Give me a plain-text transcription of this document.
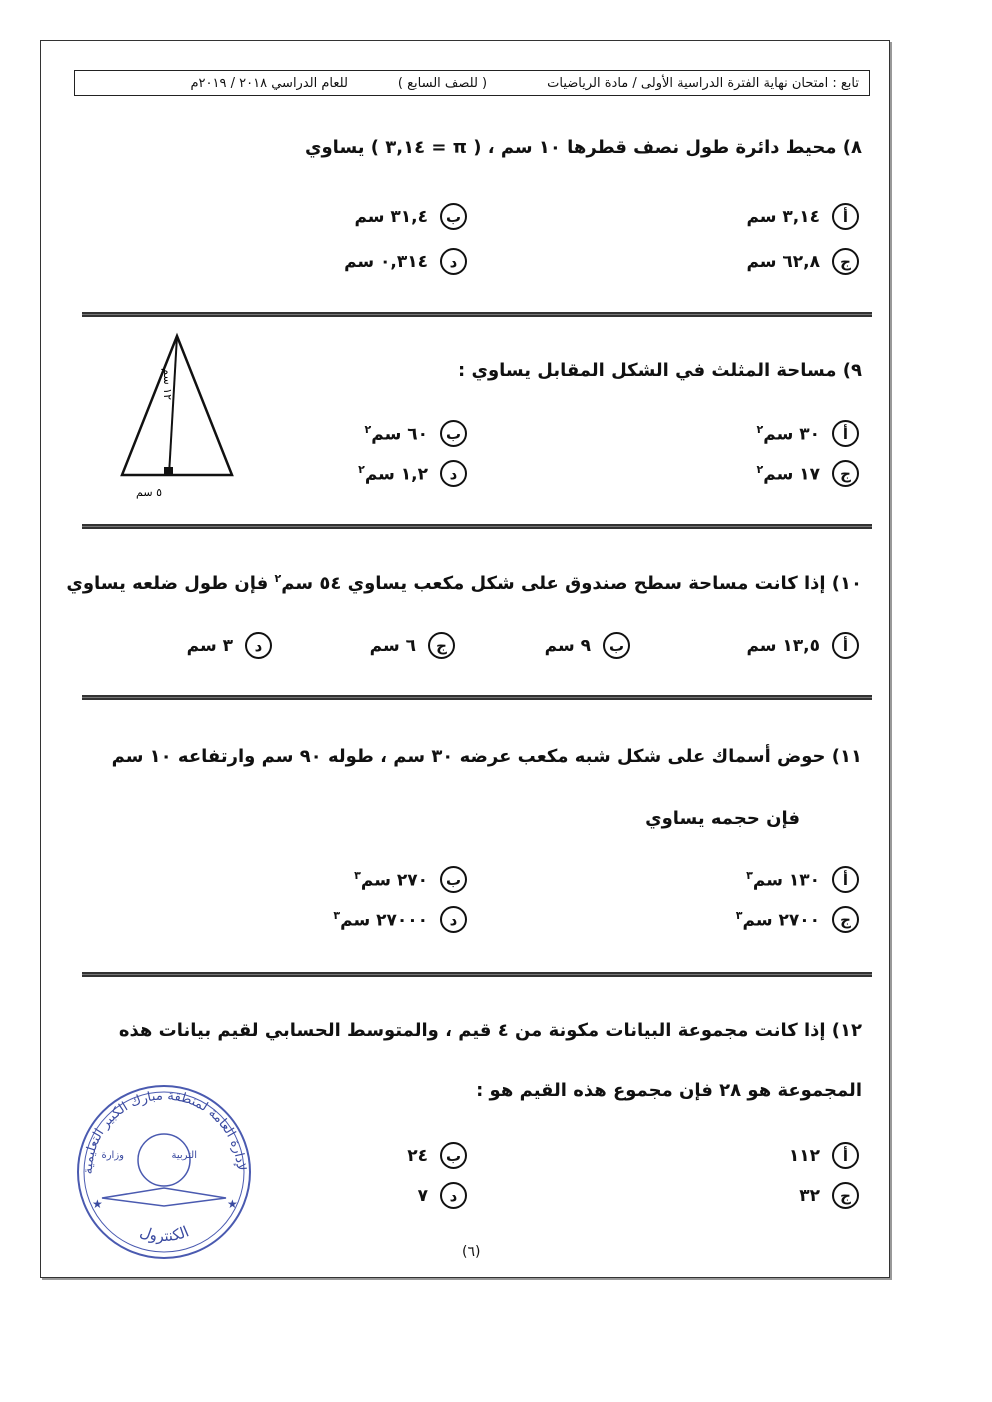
تابع : امتحان نهاية الفترة الدراسية الأولى / مادة الرياضيات
( للصف السابع )
للعام الدراسي ٢٠١٨ / ٢٠١٩م
٨) محيط دائرة طول نصف قطرها ١٠ سم ، ( π = ٣,١٤ ) يساوي
أ
٣,١٤ سم
ب
٣١,٤ سم
ج
٦٢,٨ سم
د
٠,٣١٤ سم
٩) مساحة المثلث في الشكل المقابل يساوي :
١٢ سم
٥ سم
أ
٣٠ سم$^٢$
ب
٦٠ سم$^٢$
ج
١٧ سم$^٢$
د
١,٢ سم$^٢$
١٠) إذا كانت مساحة سطح صندوق على شكل مكعب يساوي ٥٤ سم$^٢$ فإن طول ضلعه يساوي
أ
١٣,٥ سم
ب
٩ سم
ج
٦ سم
د
٣ سم
١١) حوض أسماك على شكل شبه مكعب عرضه ٣٠ سم ، طوله ٩٠ سم وارتفاعه ١٠ سم
فإن حجمه يساوي
أ
١٣٠ سم$^٣$
ب
٢٧٠ سم$^٣$
ج
٢٧٠٠ سم$^٣$
د
٢٧٠٠٠ سم$^٣$
١٢) إذا كانت مجموعة البيانات مكونة من ٤ قيم ، والمتوسط الحسابي لقيم بيانات هذه
المجموعة هو ٢٨ فإن مجموع هذه القيم هو :
أ
١١٢
ب
٢٤
ج
٣٢
د
٧
لإدارة العامة لمنطقة مبارك الكبير التعليمية
وزارة	التربية
الكنترول
★	★
(٦)
